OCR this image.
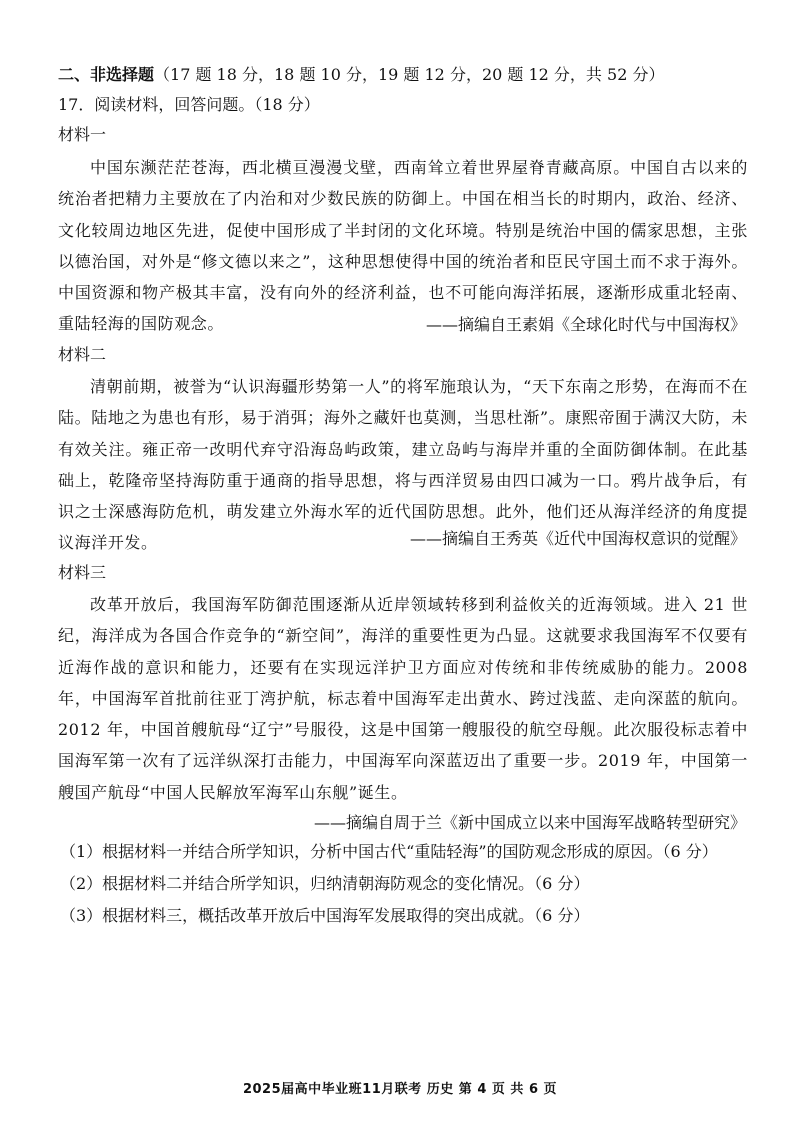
二、非选择题（17 题 18 分，18 题 10 分，19 题 12 分，20 题 12 分，共 52 分）
17．阅读材料，回答问题。（18 分）
材料一
中国东濒茫茫苍海，西北横亘漫漫戈壁，西南耸立着世界屋脊青藏高原。中国自古以来的统治者把精力主要放在了内治和对少数民族的防御上。中国在相当长的时期内，政治、经济、文化较周边地区先进，促使中国形成了半封闭的文化环境。特别是统治中国的儒家思想，主张以德治国，对外是“修文德以来之”，这种思想使得中国的统治者和臣民守国土而不求于海外。中国资源和物产极其丰富，没有向外的经济利益，也不可能向海洋拓展，逐渐形成重北轻南、重陆轻海的国防观念。	——摘编自王素娟《全球化时代与中国海权》
材料二
清朝前期，被誉为“认识海疆形势第一人”的将军施琅认为，“天下东南之形势，在海而不在陆。陆地之为患也有形，易于消弭；海外之藏奸也莫测，当思杜渐”。康熙帝囿于满汉大防，未有效关注。雍正帝一改明代弃守沿海岛屿政策，建立岛屿与海岸并重的全面防御体制。在此基础上，乾隆帝坚持海防重于通商的指导思想，将与西洋贸易由四口减为一口。鸦片战争后，有识之士深感海防危机，萌发建立外海水军的近代国防思想。此外，他们还从海洋经济的角度提议海洋开发。	——摘编自王秀英《近代中国海权意识的觉醒》
材料三
改革开放后，我国海军防御范围逐渐从近岸领域转移到利益攸关的近海领域。进入 21 世纪，海洋成为各国合作竞争的“新空间”，海洋的重要性更为凸显。这就要求我国海军不仅要有近海作战的意识和能力，还要有在实现远洋护卫方面应对传统和非传统威胁的能力。2008 年，中国海军首批前往亚丁湾护航，标志着中国海军走出黄水、跨过浅蓝、走向深蓝的航向。2012 年，中国首艘航母“辽宁”号服役，这是中国第一艘服役的航空母舰。此次服役标志着中国海军第一次有了远洋纵深打击能力，中国海军向深蓝迈出了重要一步。2019 年，中国第一艘国产航母“中国人民解放军海军山东舰”诞生。
——摘编自周于兰《新中国成立以来中国海军战略转型研究》
（1）根据材料一并结合所学知识，分析中国古代“重陆轻海”的国防观念形成的原因。（6 分）
（2）根据材料二并结合所学知识，归纳清朝海防观念的变化情况。（6 分）
（3）根据材料三，概括改革开放后中国海军发展取得的突出成就。（6 分）
2025届高中毕业班11月联考 历史 第 4 页 共 6 页
